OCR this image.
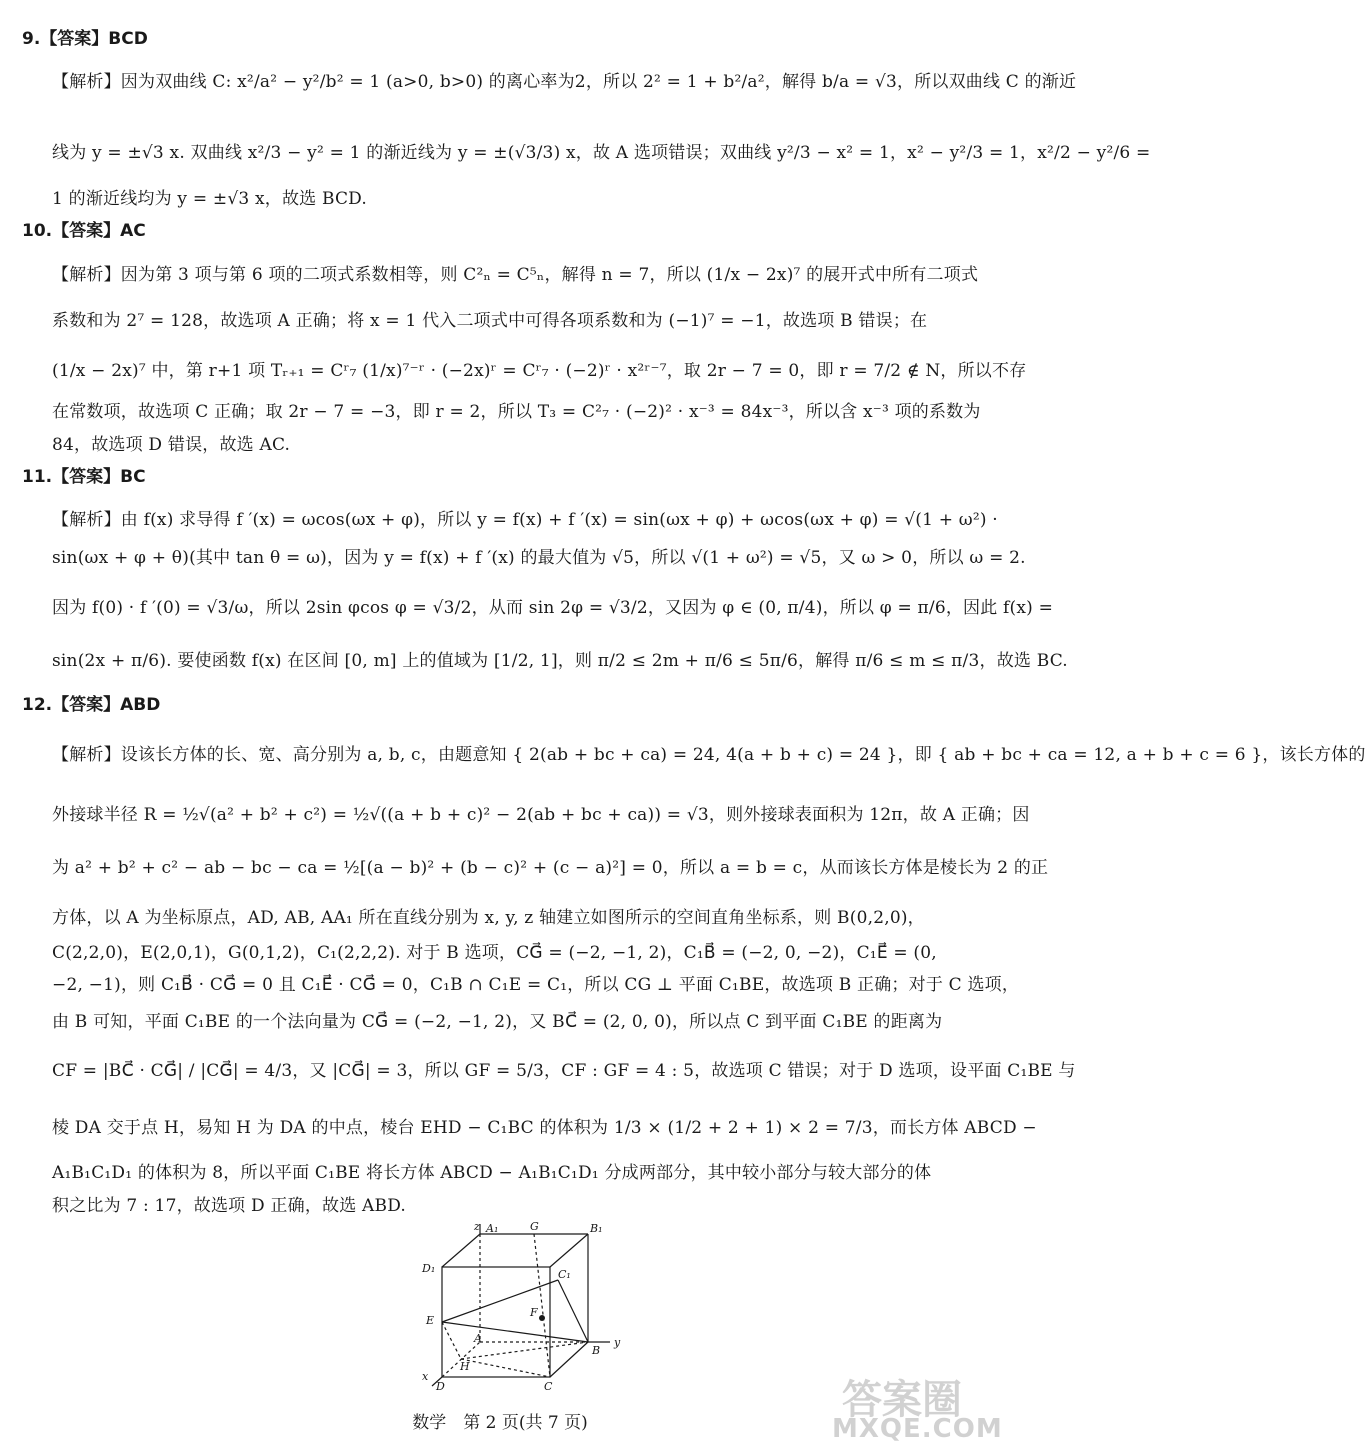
9.【答案】BCD
【解析】因为双曲线 C: x²/a² − y²/b² = 1 (a>0, b>0) 的离心率为2，所以 2² = 1 + b²/a²，解得 b/a = √3，所以双曲线 C 的渐近
线为 y = ±√3 x. 双曲线 x²/3 − y² = 1 的渐近线为 y = ±(√3/3) x，故 A 选项错误；双曲线 y²/3 − x² = 1，x² − y²/3 = 1，x²/2 − y²/6 =
1 的渐近线均为 y = ±√3 x，故选 BCD.
10.【答案】AC
【解析】因为第 3 项与第 6 项的二项式系数相等，则 C²ₙ = C⁵ₙ，解得 n = 7，所以 (1/x − 2x)⁷ 的展开式中所有二项式
系数和为 2⁷ = 128，故选项 A 正确；将 x = 1 代入二项式中可得各项系数和为 (−1)⁷ = −1，故选项 B 错误；在
(1/x − 2x)⁷ 中，第 r+1 项 Tᵣ₊₁ = Cʳ₇ (1/x)⁷⁻ʳ · (−2x)ʳ = Cʳ₇ · (−2)ʳ · x²ʳ⁻⁷，取 2r − 7 = 0，即 r = 7/2 ∉ N，所以不存
在常数项，故选项 C 正确；取 2r − 7 = −3，即 r = 2，所以 T₃ = C²₇ · (−2)² · x⁻³ = 84x⁻³，所以含 x⁻³ 项的系数为
84，故选项 D 错误，故选 AC.
11.【答案】BC
【解析】由 f(x) 求导得 f ′(x) = ωcos(ωx + φ)，所以 y = f(x) + f ′(x) = sin(ωx + φ) + ωcos(ωx + φ) = √(1 + ω²) ·
sin(ωx + φ + θ)(其中 tan θ = ω)，因为 y = f(x) + f ′(x) 的最大值为 √5，所以 √(1 + ω²) = √5，又 ω > 0，所以 ω = 2.
因为 f(0) · f ′(0) = √3/ω，所以 2sin φcos φ = √3/2，从而 sin 2φ = √3/2，又因为 φ ∈ (0, π/4)，所以 φ = π/6，因此 f(x) =
sin(2x + π/6). 要使函数 f(x) 在区间 [0, m] 上的值域为 [1/2, 1]，则 π/2 ≤ 2m + π/6 ≤ 5π/6，解得 π/6 ≤ m ≤ π/3，故选 BC.
12.【答案】ABD
【解析】设该长方体的长、宽、高分别为 a, b, c，由题意知 { 2(ab + bc + ca) = 24, 4(a + b + c) = 24 }，即 { ab + bc + ca = 12, a + b + c = 6 }，该长方体的
外接球半径 R = ½√(a² + b² + c²) = ½√((a + b + c)² − 2(ab + bc + ca)) = √3，则外接球表面积为 12π，故 A 正确；因
为 a² + b² + c² − ab − bc − ca = ½[(a − b)² + (b − c)² + (c − a)²] = 0，所以 a = b = c，从而该长方体是棱长为 2 的正
方体，以 A 为坐标原点，AD, AB, AA₁ 所在直线分别为 x, y, z 轴建立如图所示的空间直角坐标系，则 B(0,2,0)，
C(2,2,0)，E(2,0,1)，G(0,1,2)，C₁(2,2,2). 对于 B 选项，CG⃗ = (−2, −1, 2)，C₁B⃗ = (−2, 0, −2)，C₁E⃗ = (0,
−2, −1)，则 C₁B⃗ · CG⃗ = 0 且 C₁E⃗ · CG⃗ = 0，C₁B ∩ C₁E = C₁，所以 CG ⊥ 平面 C₁BE，故选项 B 正确；对于 C 选项，
由 B 可知，平面 C₁BE 的一个法向量为 CG⃗ = (−2, −1, 2)，又 BC⃗ = (2, 0, 0)，所以点 C 到平面 C₁BE 的距离为
CF = |BC⃗ · CG⃗| / |CG⃗| = 4/3，又 |CG⃗| = 3，所以 GF = 5/3，CF : GF = 4 : 5，故选项 C 错误；对于 D 选项，设平面 C₁BE 与
棱 DA 交于点 H，易知 H 为 DA 的中点，棱台 EHD − C₁BC 的体积为 1/3 × (1/2 + 2 + 1) × 2 = 7/3，而长方体 ABCD −
A₁B₁C₁D₁ 的体积为 8，所以平面 C₁BE 将长方体 ABCD − A₁B₁C₁D₁ 分成两部分，其中较小部分与较大部分的体
积之比为 7 : 17，故选项 D 正确，故选 ABD.
z A₁	G	B₁
D₁	C₁
F
E
A	y
B
H
x
D	C
数学　第 2 页(共 7 页)	答案圈
MXQE.COM
